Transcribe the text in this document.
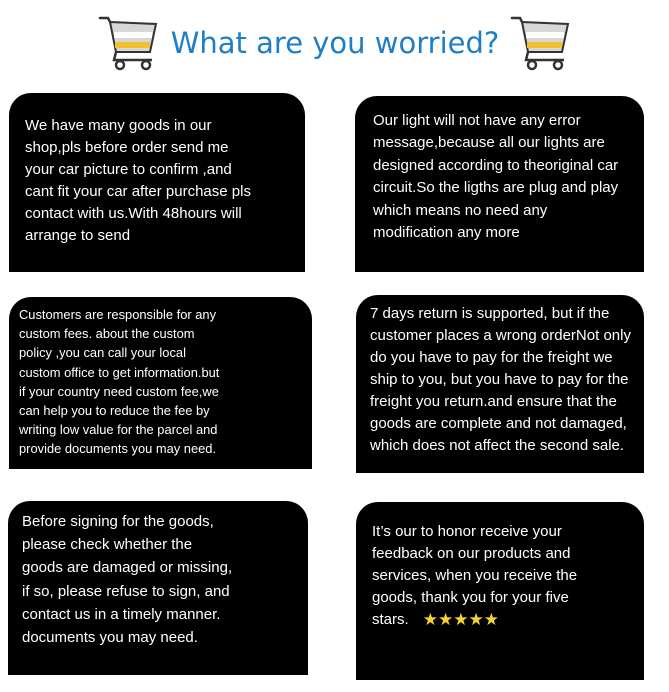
What are you worried?
We have many goods in our
shop,pls before order send me
your car picture to confirm ,and
cant fit your car after purchase pls
contact with us.With 48hours will
arrange to send
Our light will not have any error
message,because all our lights are
designed according to theoriginal car
circuit.So the ligths are plug and play
which means no need any
modification any more
Customers are responsible for any
custom fees. about the custom
policy ,you can call your local
custom office to get information.but
if your country need custom fee,we
can help you to reduce the fee by
writing low value for the parcel and
provide documents you may need.
7 days return is supported, but if the
customer places a wrong orderNot only
do you have to pay for the freight we
ship to you, but you have to pay for the
freight you return.and ensure that the
goods are complete and not damaged,
which does not affect the second sale.
Before signing for the goods,
please check whether the
goods are damaged or missing,
if so, please refuse to sign, and
contact us in a timely manner.
documents you may need.
It’s our to honor receive your
feedback on our products and
services, when you receive the
goods, thank you for your five
stars. ★★★★★
